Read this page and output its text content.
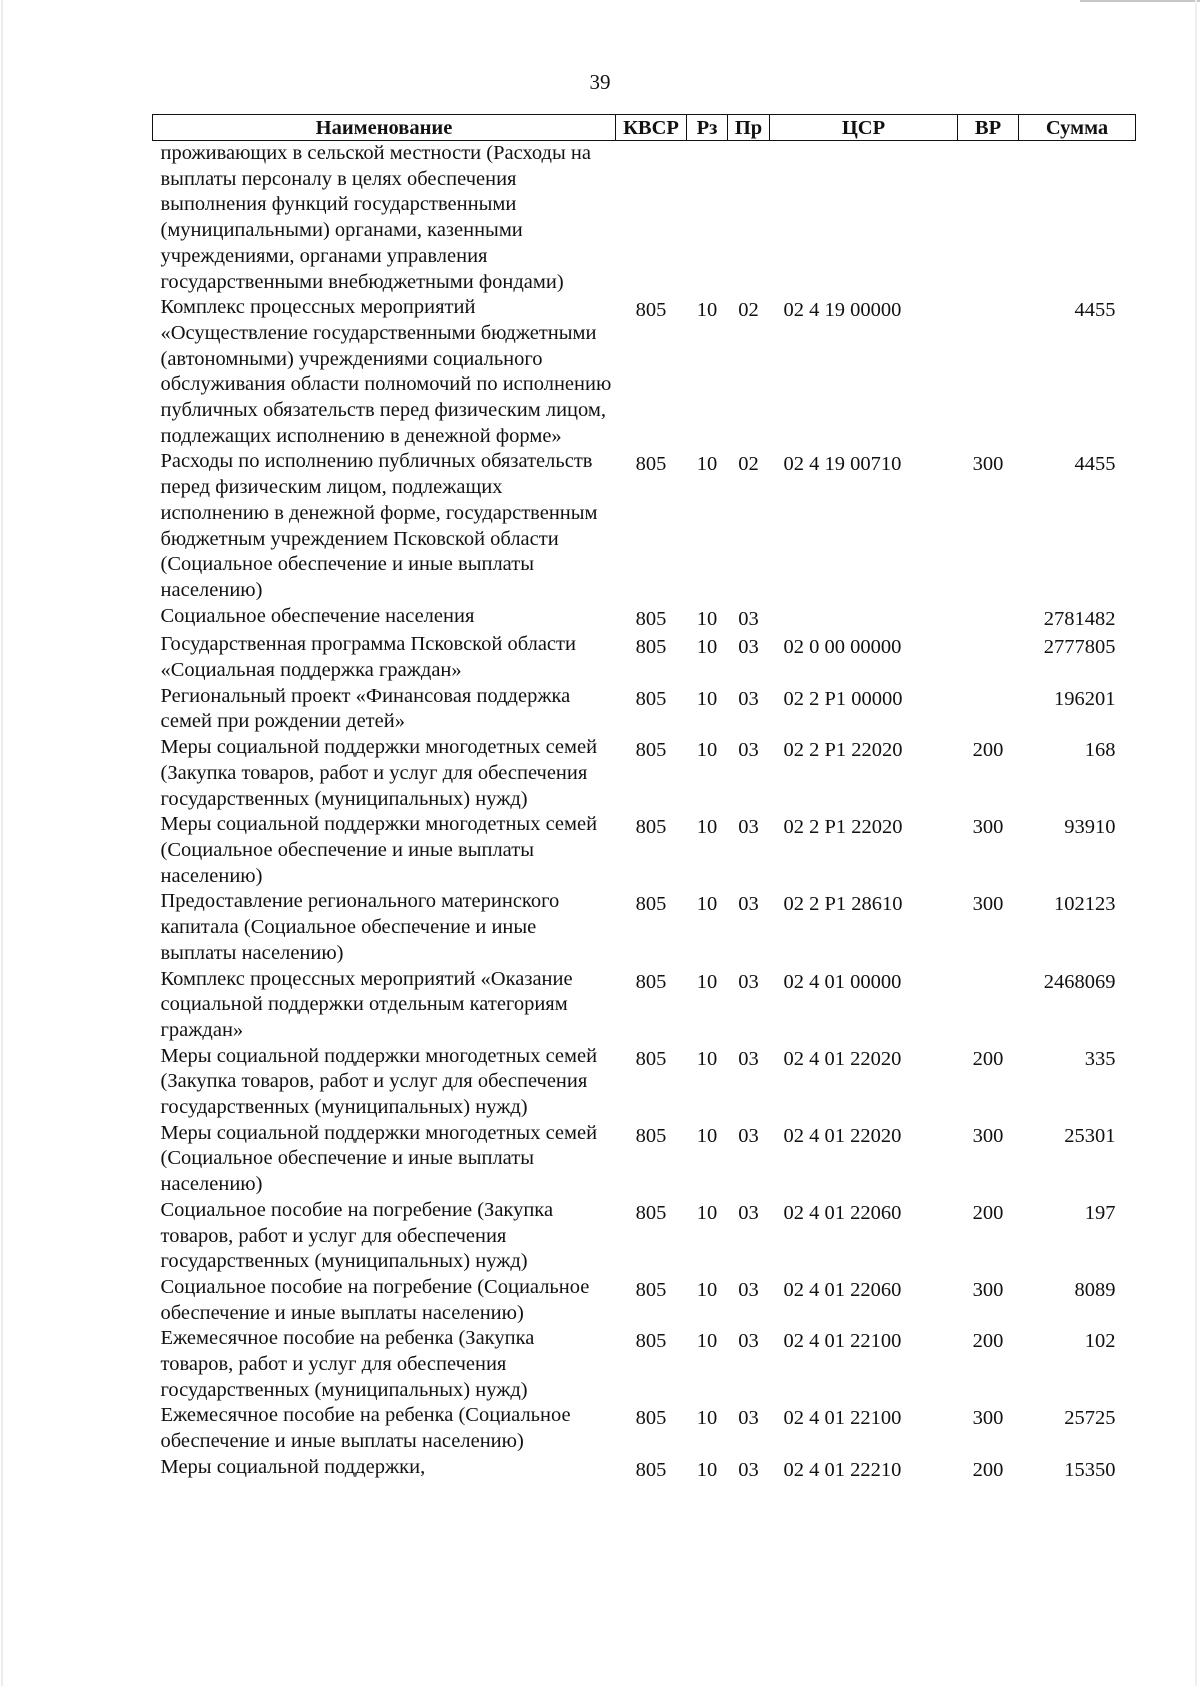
39
Наименование	КВСР	Рз	Пр	ЦСР	ВР	Сумма
проживающих в сельской местности (Расходы на выплаты персоналу в целях обеспечения выполнения функций государственными (муниципальными) органами, казенными учреждениями, органами управления государственными внебюджетными фондами)						
Комплекс процессных мероприятий «Осуществление государственными бюджетными (автономными) учреждениями социального обслуживания области полномочий по исполнению публичных обязательств перед физическим лицом, подлежащих исполнению в денежной форме»	805	10	02	02 4 19 00000		4455
Расходы по исполнению публичных обязательств перед физическим лицом, подлежащих исполнению в денежной форме, государственным бюджетным учреждением Псковской области (Социальное обеспечение и иные выплаты населению)	805	10	02	02 4 19 00710	300	4455
Социальное обеспечение населения	805	10	03			2781482
Государственная программа Псковской области «Социальная поддержка граждан»	805	10	03	02 0 00 00000		2777805
Региональный проект «Финансовая поддержка семей при рождении детей»	805	10	03	02 2 Р1 00000		196201
Меры социальной поддержки многодетных семей (Закупка товаров, работ и услуг для обеспечения государственных (муниципальных) нужд)	805	10	03	02 2 Р1 22020	200	168
Меры социальной поддержки многодетных семей (Социальное обеспечение и иные выплаты населению)	805	10	03	02 2 Р1 22020	300	93910
Предоставление регионального материнского капитала (Социальное обеспечение и иные выплаты населению)	805	10	03	02 2 Р1 28610	300	102123
Комплекс процессных мероприятий «Оказание социальной поддержки отдельным категориям граждан»	805	10	03	02 4 01 00000		2468069
Меры социальной поддержки многодетных семей (Закупка товаров, работ и услуг для обеспечения государственных (муниципальных) нужд)	805	10	03	02 4 01 22020	200	335
Меры социальной поддержки многодетных семей (Социальное обеспечение и иные выплаты населению)	805	10	03	02 4 01 22020	300	25301
Социальное пособие на погребение (Закупка товаров, работ и услуг для обеспечения государственных (муниципальных) нужд)	805	10	03	02 4 01 22060	200	197
Социальное пособие на погребение (Социальное обеспечение и иные выплаты населению)	805	10	03	02 4 01 22060	300	8089
Ежемесячное пособие на ребенка (Закупка товаров, работ и услуг для обеспечения государственных (муниципальных) нужд)	805	10	03	02 4 01 22100	200	102
Ежемесячное пособие на ребенка (Социальное обеспечение и иные выплаты населению)	805	10	03	02 4 01 22100	300	25725
Меры социальной поддержки,	805	10	03	02 4 01 22210	200	15350
